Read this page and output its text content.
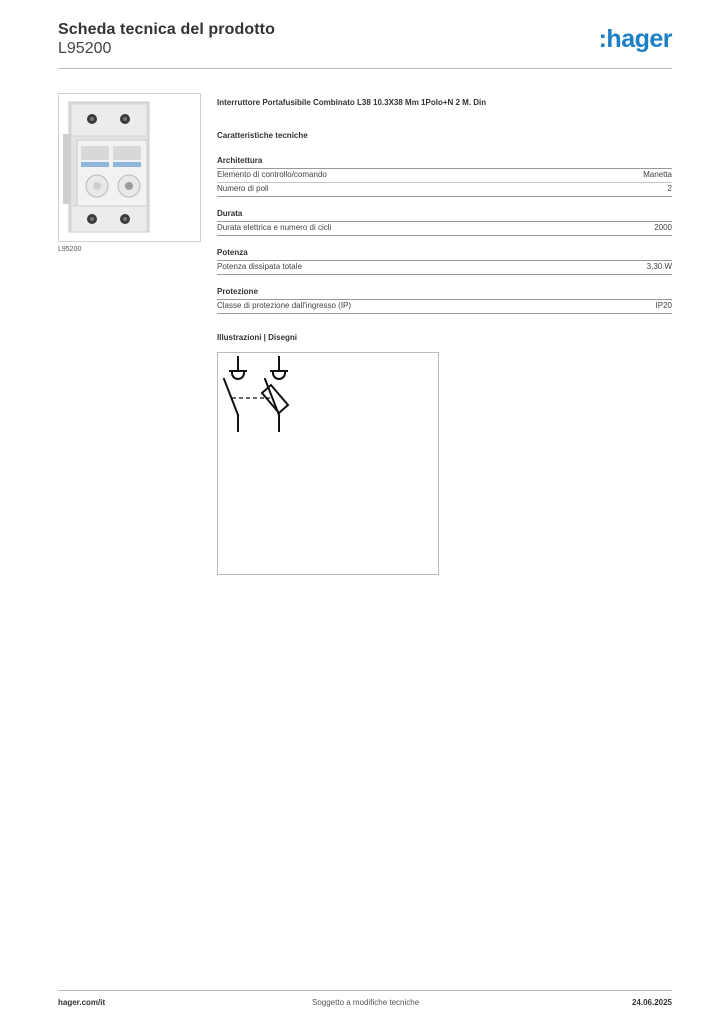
Scheda tecnica del prodotto
L95200	:hager
L95200
Interruttore Portafusibile Combinato L38 10.3X38 Mm 1Polo+N 2 M. Din
Caratteristiche tecniche
Architettura
Elemento di controllo/comando	Manetta
Numero di poli	2
Durata
Durata elettrica e numero di cicli	2000
Potenza
Potenza dissipata totale	3,30 W
Protezione
Classe di protezione dall'ingresso (IP)	IP20
Illustrazioni | Disegni
hager.com/it	Soggetto a modifiche tecniche	24.06.2025
